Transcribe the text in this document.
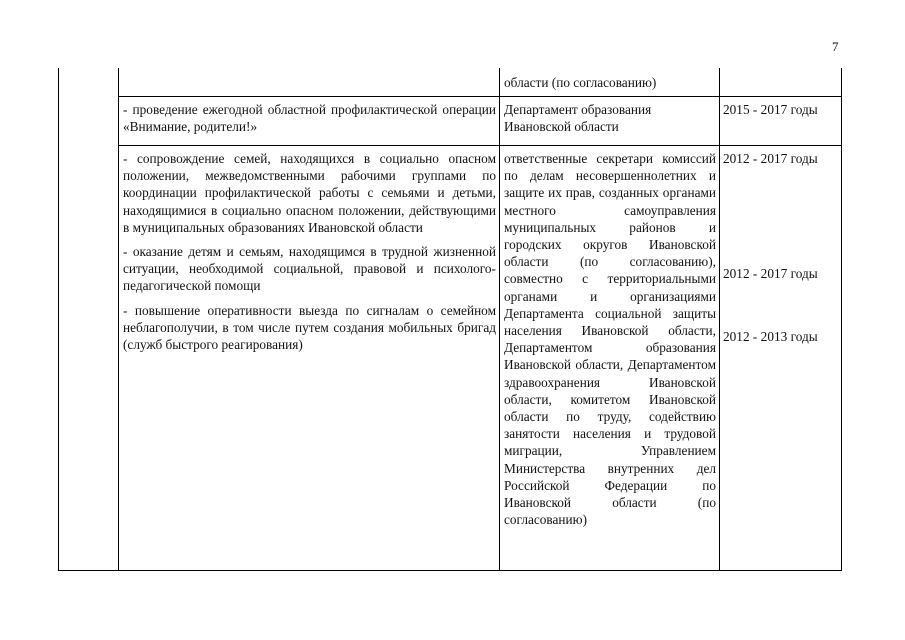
7
области (по согласованию)
- проведение ежегодной областной профилактической операции «Внимание, родители!»
Департамент образования
Ивановской области
2015 - 2017 годы

- сопровождение семей, находящихся в социально опасном положении, межведомственными рабочими группами по координации профилактической работы с семьями и детьми, находящимися в социально опасном положении, действующими в муниципальных образованиях Ивановской области

- оказание детям и семьям, находящимся в трудной жизненной ситуации, необходимой социальной, правовой и психолого-педагогической помощи

- повышение оперативности выезда по сигналам о семейном неблагополучии, в том числе путем создания мобильных бригад (служб быстрого реагирования)

ответственные секретари комиссий по делам несовершеннолетних и защите их прав, созданных органами местного самоуправления муниципальных районов и городских округов Ивановской области (по согласованию), совместно с территориальными органами и организациями Департамента социальной защиты населения Ивановской области, Департаментом образования Ивановской области, Департаментом здравоохранения Ивановской области, комитетом Ивановской области по труду, содействию занятости населения и трудовой миграции, Управлением Министерства внутренних дел Российской Федерации по Ивановской области (по согласованию)
2012 - 2017 годы
2012 - 2017 годы
2012 - 2013 годы
